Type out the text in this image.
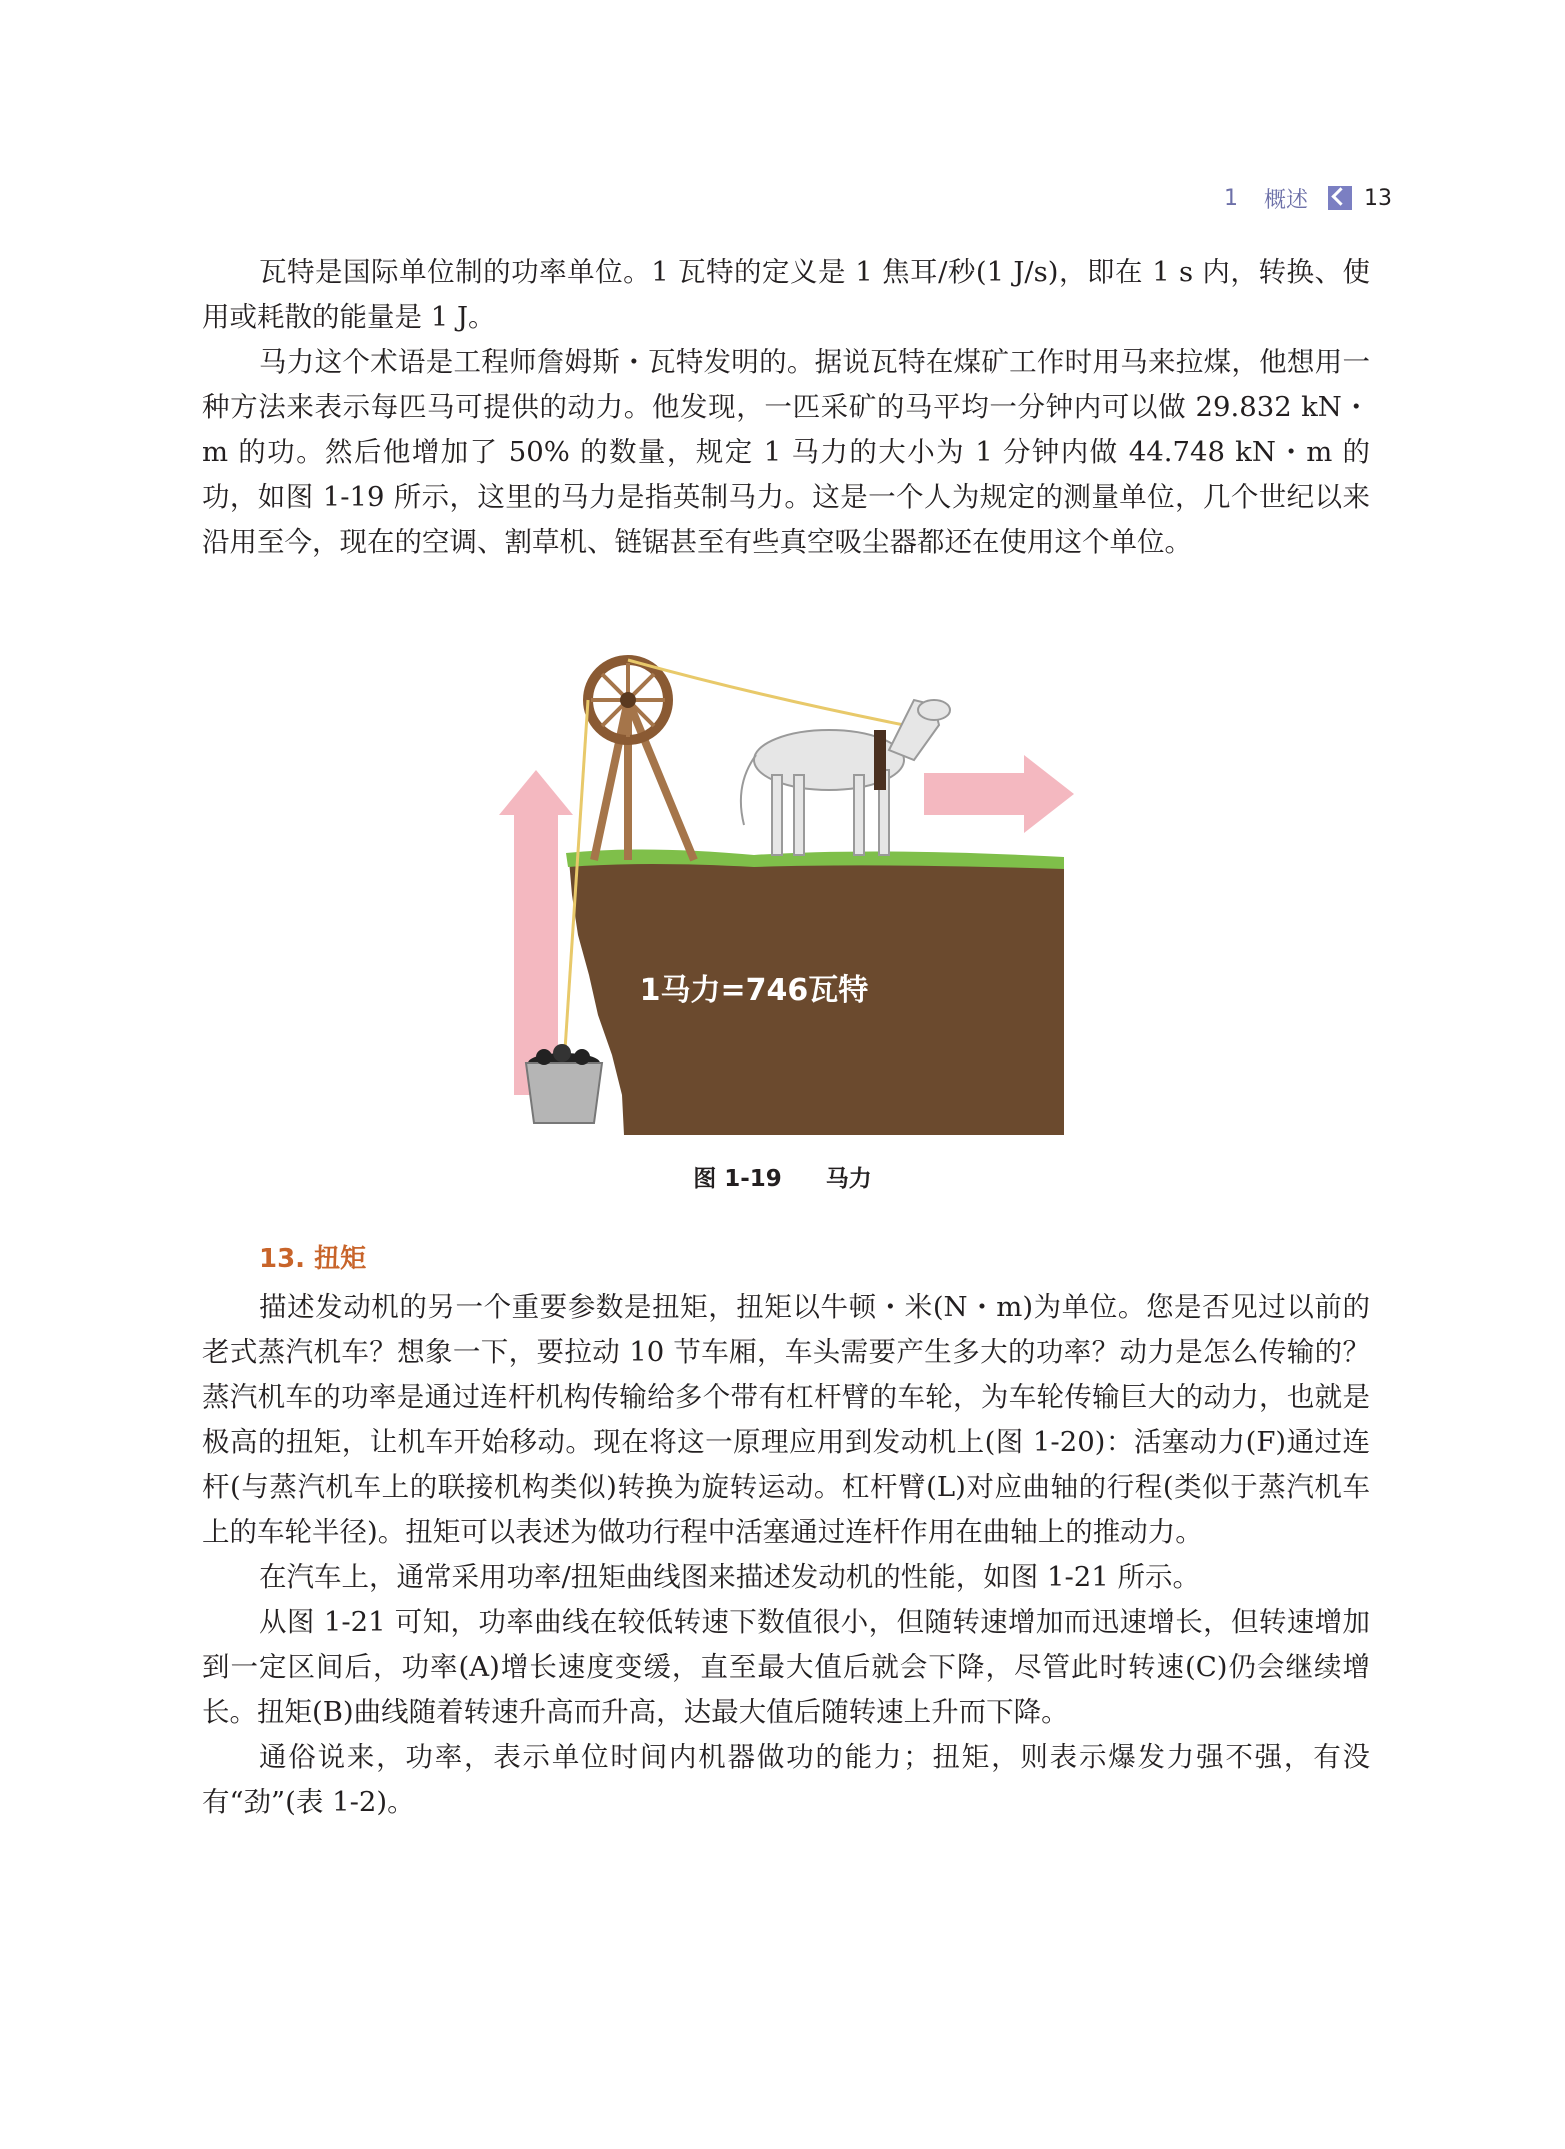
1 概述	13

瓦特是国际单位制的功率单位。1 瓦特的定义是 1 焦耳/秒(1 J/s)，即在 1 s 内，转换、使用或耗散的能量是 1 J。

马力这个术语是工程师詹姆斯・瓦特发明的。据说瓦特在煤矿工作时用马来拉煤，他想用一种方法来表示每匹马可提供的动力。他发现，一匹采矿的马平均一分钟内可以做 29.832 kN・m 的功。然后他增加了 50% 的数量，规定 1 马力的大小为 1 分钟内做 44.748 kN・m 的功，如图 1-19 所示，这里的马力是指英制马力。这是一个人为规定的测量单位，几个世纪以来沿用至今，现在的空调、割草机、链锯甚至有些真空吸尘器都还在使用这个单位。

1马力=746瓦特
图 1-19 马力
13. 扭矩

描述发动机的另一个重要参数是扭矩，扭矩以牛顿・米(N・m)为单位。您是否见过以前的老式蒸汽机车？想象一下，要拉动 10 节车厢，车头需要产生多大的功率？动力是怎么传输的？蒸汽机车的功率是通过连杆机构传输给多个带有杠杆臂的车轮，为车轮传输巨大的动力，也就是极高的扭矩，让机车开始移动。现在将这一原理应用到发动机上(图 1-20)：活塞动力(F)通过连杆(与蒸汽机车上的联接机构类似)转换为旋转运动。杠杆臂(L)对应曲轴的行程(类似于蒸汽机车上的车轮半径)。扭矩可以表述为做功行程中活塞通过连杆作用在曲轴上的推动力。

在汽车上，通常采用功率/扭矩曲线图来描述发动机的性能，如图 1-21 所示。

从图 1-21 可知，功率曲线在较低转速下数值很小，但随转速增加而迅速增长，但转速增加到一定区间后，功率(A)增长速度变缓，直至最大值后就会下降，尽管此时转速(C)仍会继续增长。扭矩(B)曲线随着转速升高而升高，达最大值后随转速上升而下降。

通俗说来，功率，表示单位时间内机器做功的能力；扭矩，则表示爆发力强不强，有没有“劲”(表 1-2)。
